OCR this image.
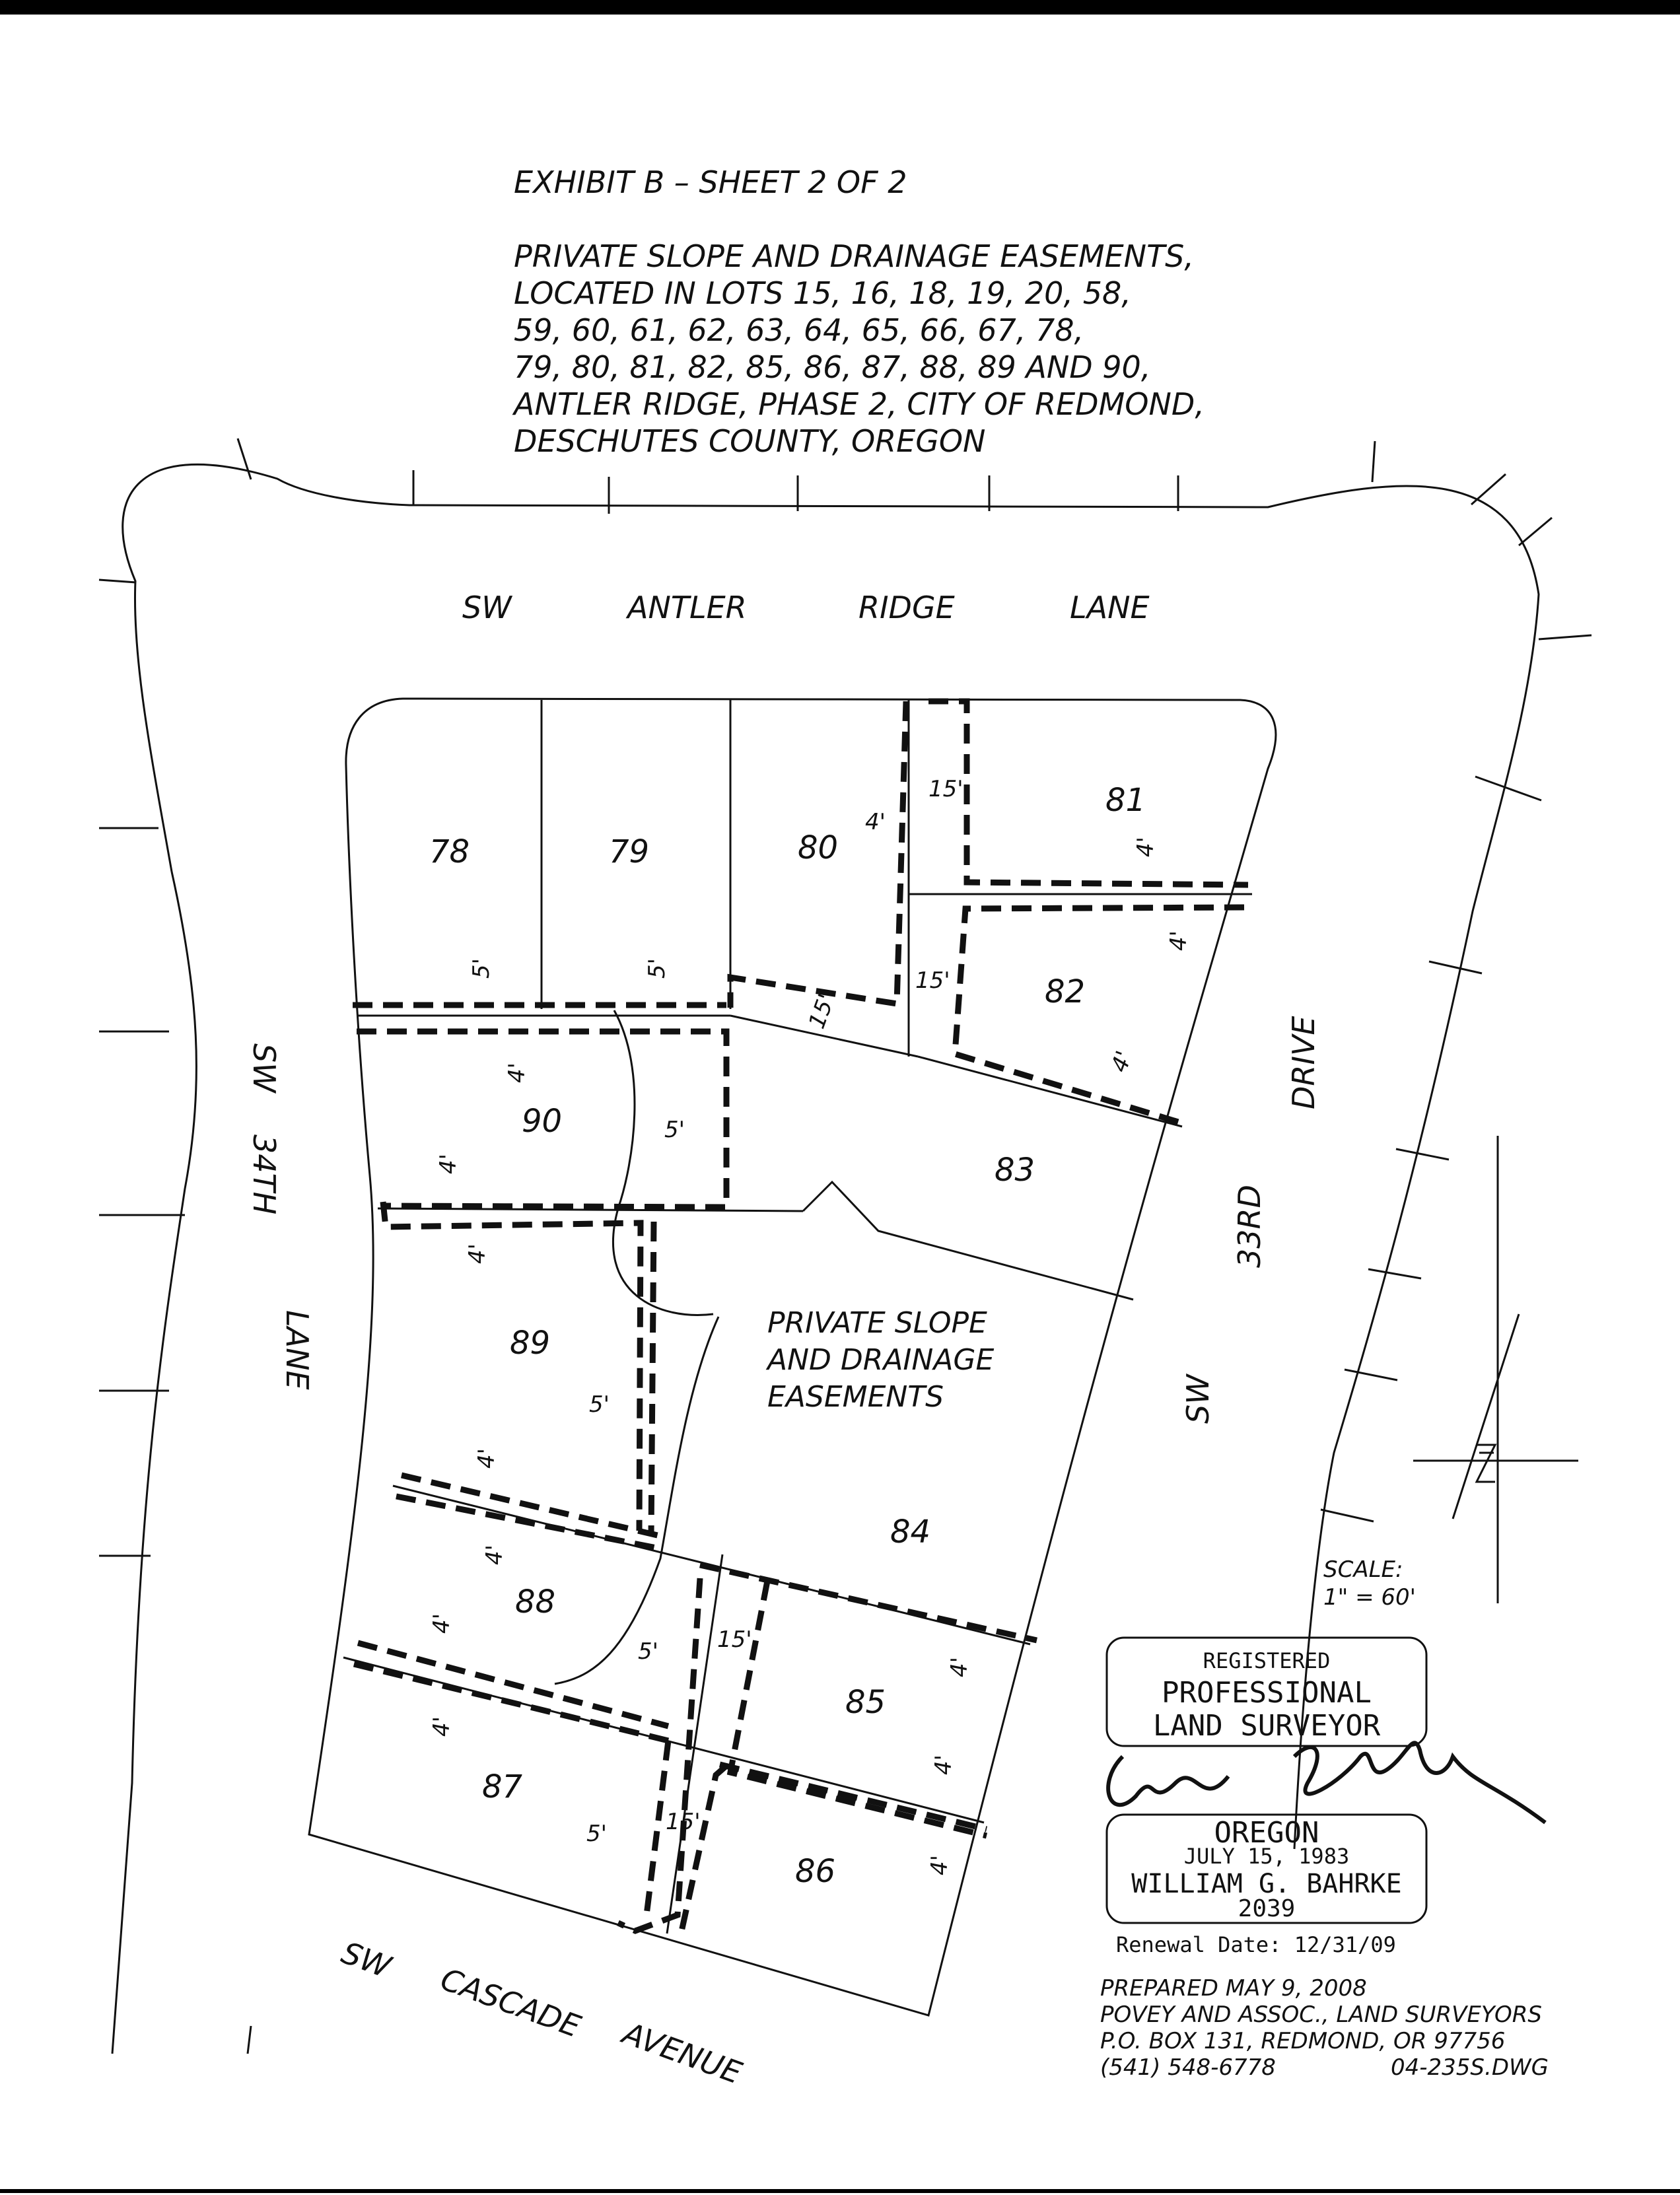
EXHIBIT B – SHEET 2 OF 2
PRIVATE SLOPE AND DRAINAGE EASEMENTS,
LOCATED IN LOTS 15, 16, 18, 19, 20, 58,
59, 60, 61, 62, 63, 64, 65, 66, 67, 78,
79, 80, 81, 82, 85, 86, 87, 88, 89 AND 90,
ANTLER RIDGE, PHASE 2, CITY OF REDMOND,
DESCHUTES COUNTY, OREGON
SW	ANTLER	RIDGE	LANE
SW
34TH
LANE
SW
33RD
DRIVE
SW
CASCADE
AVENUE
78	79	80
81
82
83
84
85
86
87
88
89
90
15'
4'
4'
4'
15'
15'
4'
5'	5'
4'
5'
4'
4'
5'
4'
4'
5'	15'
4'
4'
4'
4'
4'
5'	15'
PRIVATE SLOPE
AND DRAINAGE
EASEMENTS
SCALE:
1" = 60'
REGISTERED
PROFESSIONAL
LAND SURVEYOR
OREGON
JULY 15, 1983
WILLIAM G. BAHRKE
2039
Renewal Date: 12/31/09
PREPARED MAY 9, 2008
POVEY AND ASSOC., LAND SURVEYORS
P.O. BOX 131, REDMOND, OR 97756
(541) 548-6778	04-235S.DWG
